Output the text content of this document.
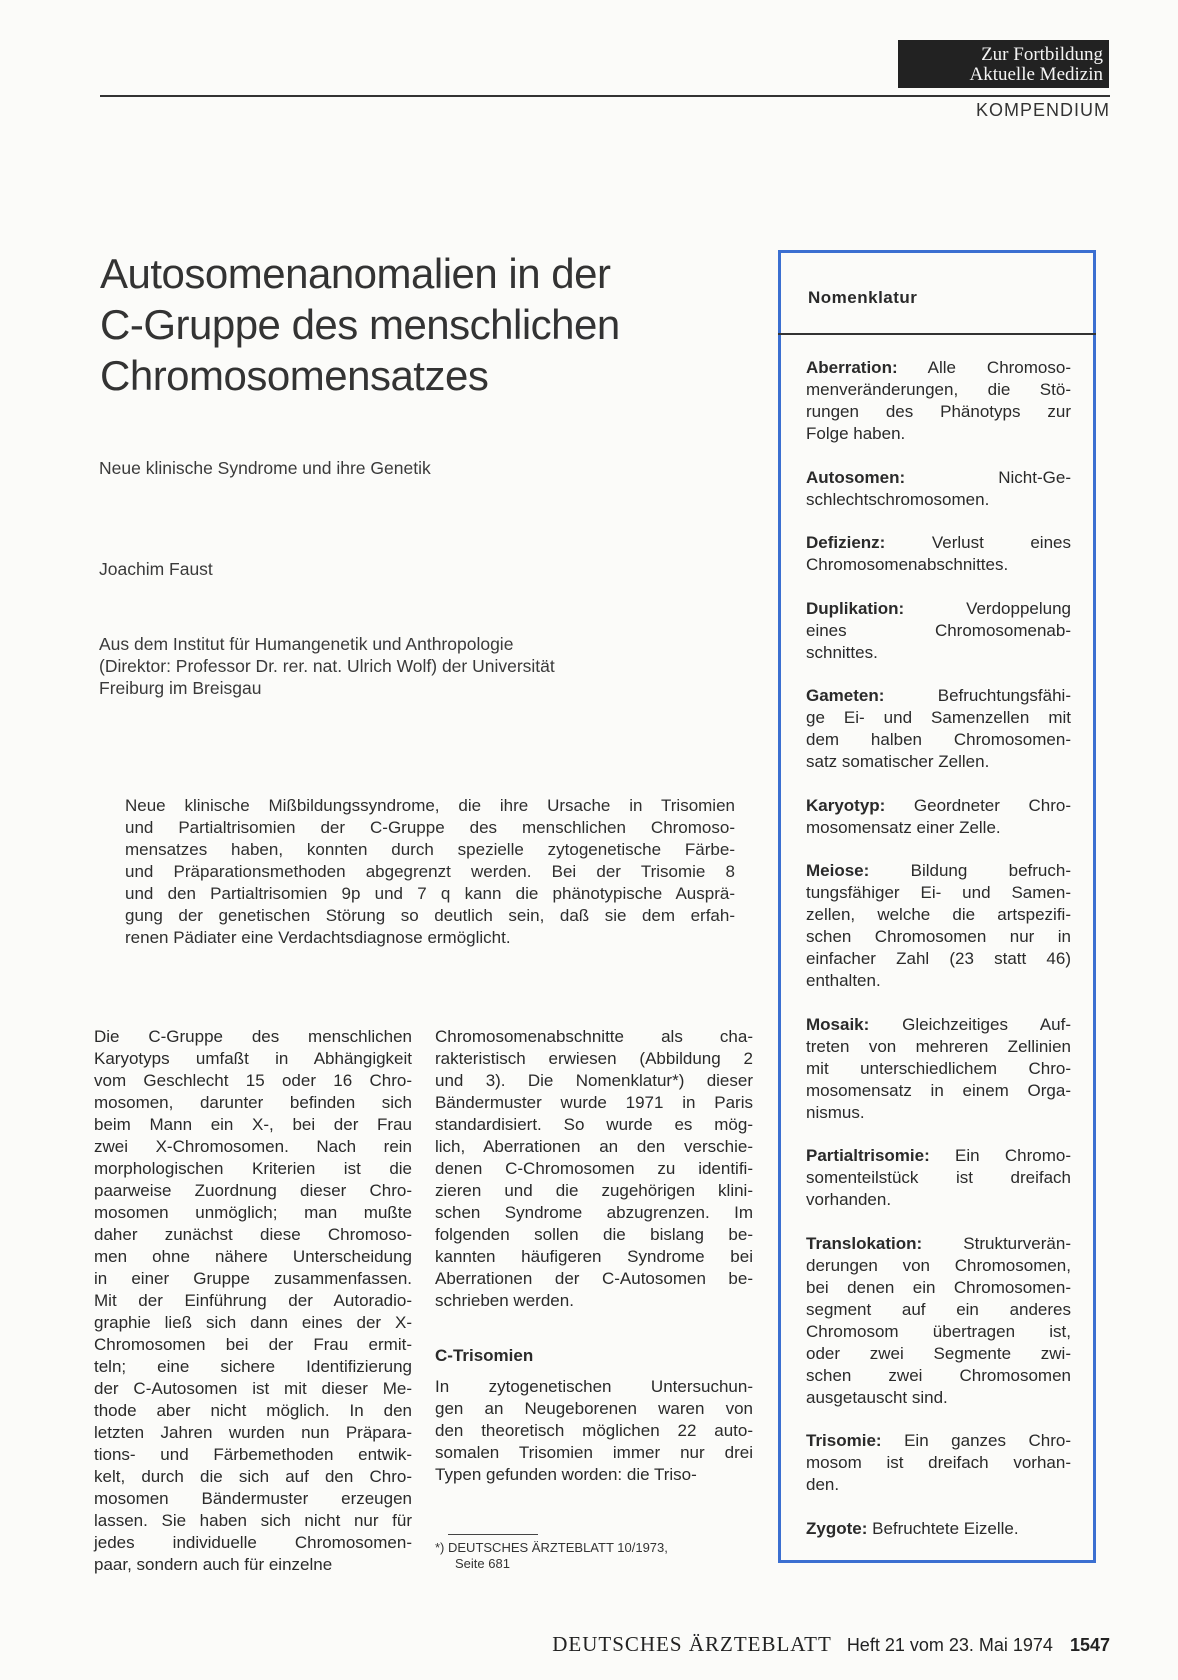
Zur Fortbildung
Aktuelle Medizin
KOMPENDIUM
Autosomenanomalien in der
C-Gruppe des menschlichen
Chromosomensatzes
Neue klinische Syndrome und ihre Genetik
Joachim Faust
Aus dem Institut für Humangenetik und Anthropologie
(Direktor: Professor Dr. rer. nat. Ulrich Wolf) der Universität
Freiburg im Breisgau
Neue klinische Mißbildungssyndrome, die ihre Ursache in Trisomien
und Partialtrisomien der C-Gruppe des menschlichen Chromoso-
mensatzes haben, konnten durch spezielle zytogenetische Färbe-
und Präparationsmethoden abgegrenzt werden. Bei der Trisomie 8
und den Partialtrisomien 9p und 7 q kann die phänotypische Ausprä-
gung der genetischen Störung so deutlich sein, daß sie dem erfah-
renen Pädiater eine Verdachtsdiagnose ermöglicht.
Die C-Gruppe des menschlichen
Karyotyps umfaßt in Abhängigkeit
vom Geschlecht 15 oder 16 Chro-
mosomen, darunter befinden sich
beim Mann ein X-, bei der Frau
zwei X-Chromosomen. Nach rein
morphologischen Kriterien ist die
paarweise Zuordnung dieser Chro-
mosomen unmöglich; man mußte
daher zunächst diese Chromoso-
men ohne nähere Unterscheidung
in einer Gruppe zusammenfassen.
Mit der Einführung der Autoradio-
graphie ließ sich dann eines der X-
Chromosomen bei der Frau ermit-
teln; eine sichere Identifizierung
der C-Autosomen ist mit dieser Me-
thode aber nicht möglich. In den
letzten Jahren wurden nun Präpara-
tions- und Färbemethoden entwik-
kelt, durch die sich auf den Chro-
mosomen Bändermuster erzeugen
lassen. Sie haben sich nicht nur für
jedes individuelle Chromosomen-
paar, sondern auch für einzelne
Chromosomenabschnitte als cha-
rakteristisch erwiesen (Abbildung 2
und 3). Die Nomenklatur*) dieser
Bändermuster wurde 1971 in Paris
standardisiert. So wurde es mög-
lich, Aberrationen an den verschie-
denen C-Chromosomen zu identifi-
zieren und die zugehörigen klini-
schen Syndrome abzugrenzen. Im
folgenden sollen die bislang be-
kannten häufigeren Syndrome bei
Aberrationen der C-Autosomen be-
schrieben werden.
C-Trisomien
In zytogenetischen Untersuchun-
gen an Neugeborenen waren von
den theoretisch möglichen 22 auto-
somalen Trisomien immer nur drei
Typen gefunden worden: die Triso-
*) DEUTSCHES ÄRZTEBLATT 10/1973,
Seite 681
Nomenklatur
Aberration: Alle Chromoso-
menveränderungen, die Stö-
rungen des Phänotyps zur
Folge haben.
Autosomen: Nicht-Ge-
schlechtschromosomen.
Defizienz: Verlust eines
Chromosomenabschnittes.
Duplikation: Verdoppelung
eines Chromosomenab-
schnittes.
Gameten: Befruchtungsfähi-
ge Ei- und Samenzellen mit
dem halben Chromosomen-
satz somatischer Zellen.
Karyotyp: Geordneter Chro-
mosomensatz einer Zelle.
Meiose: Bildung befruch-
tungsfähiger Ei- und Samen-
zellen, welche die artspezifi-
schen Chromosomen nur in
einfacher Zahl (23 statt 46)
enthalten.
Mosaik: Gleichzeitiges Auf-
treten von mehreren Zellinien
mit unterschiedlichem Chro-
mosomensatz in einem Orga-
nismus.
Partialtrisomie: Ein Chromo-
somenteilstück ist dreifach
vorhanden.
Translokation: Strukturverän-
derungen von Chromosomen,
bei denen ein Chromosomen-
segment auf ein anderes
Chromosom übertragen ist,
oder zwei Segmente zwi-
schen zwei Chromosomen
ausgetauscht sind.
Trisomie: Ein ganzes Chro-
mosom ist dreifach vorhan-
den.
Zygote: Befruchtete Eizelle.
DEUTSCHES ÄRZTEBLATT Heft 21 vom 23. Mai 1974 1547
